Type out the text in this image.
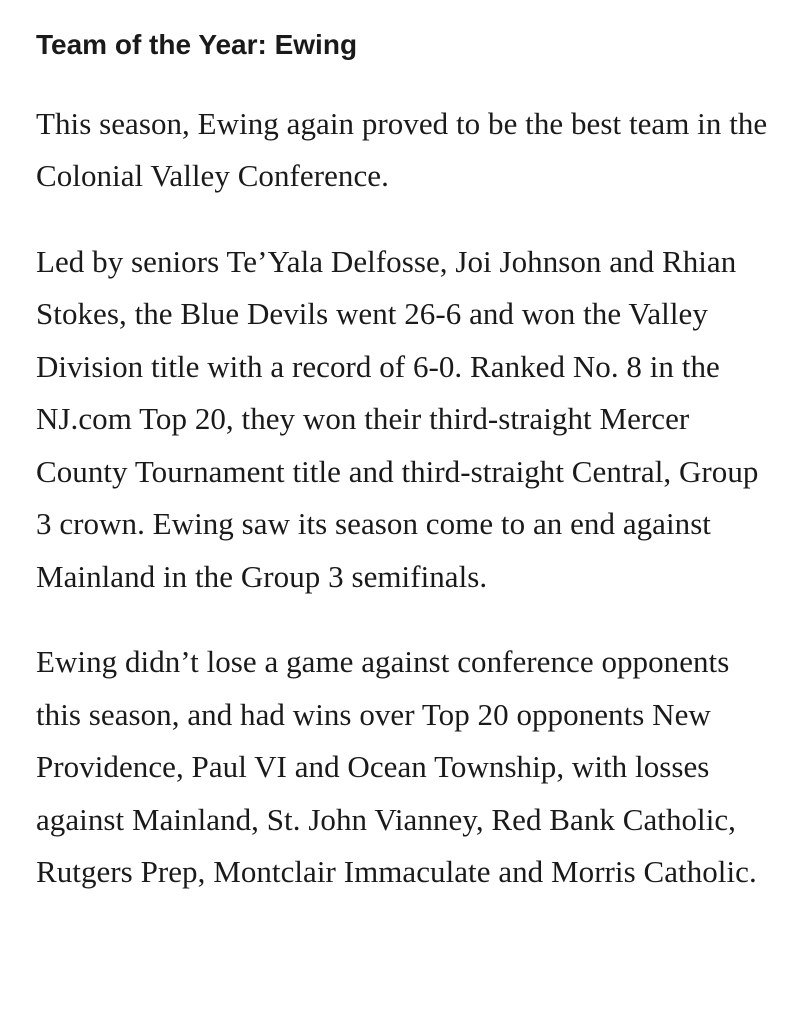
Team of the Year: Ewing

This season, Ewing again proved to be the best team in the Colonial Valley Conference.

Led by seniors Te’Yala Delfosse, Joi Johnson and Rhian Stokes, the Blue Devils went 26-6 and won the Valley Division title with a record of 6-0. Ranked No. 8 in the NJ.com Top 20, they won their third-straight Mercer County Tournament title and third-straight Central, Group 3 crown. Ewing saw its season come to an end against Mainland in the Group 3 semifinals.

Ewing didn’t lose a game against conference opponents this season, and had wins over Top 20 opponents New Providence, Paul VI and Ocean Township, with losses against Mainland, St. John Vianney, Red Bank Catholic, Rutgers Prep, Montclair Immaculate and Morris Catholic.
